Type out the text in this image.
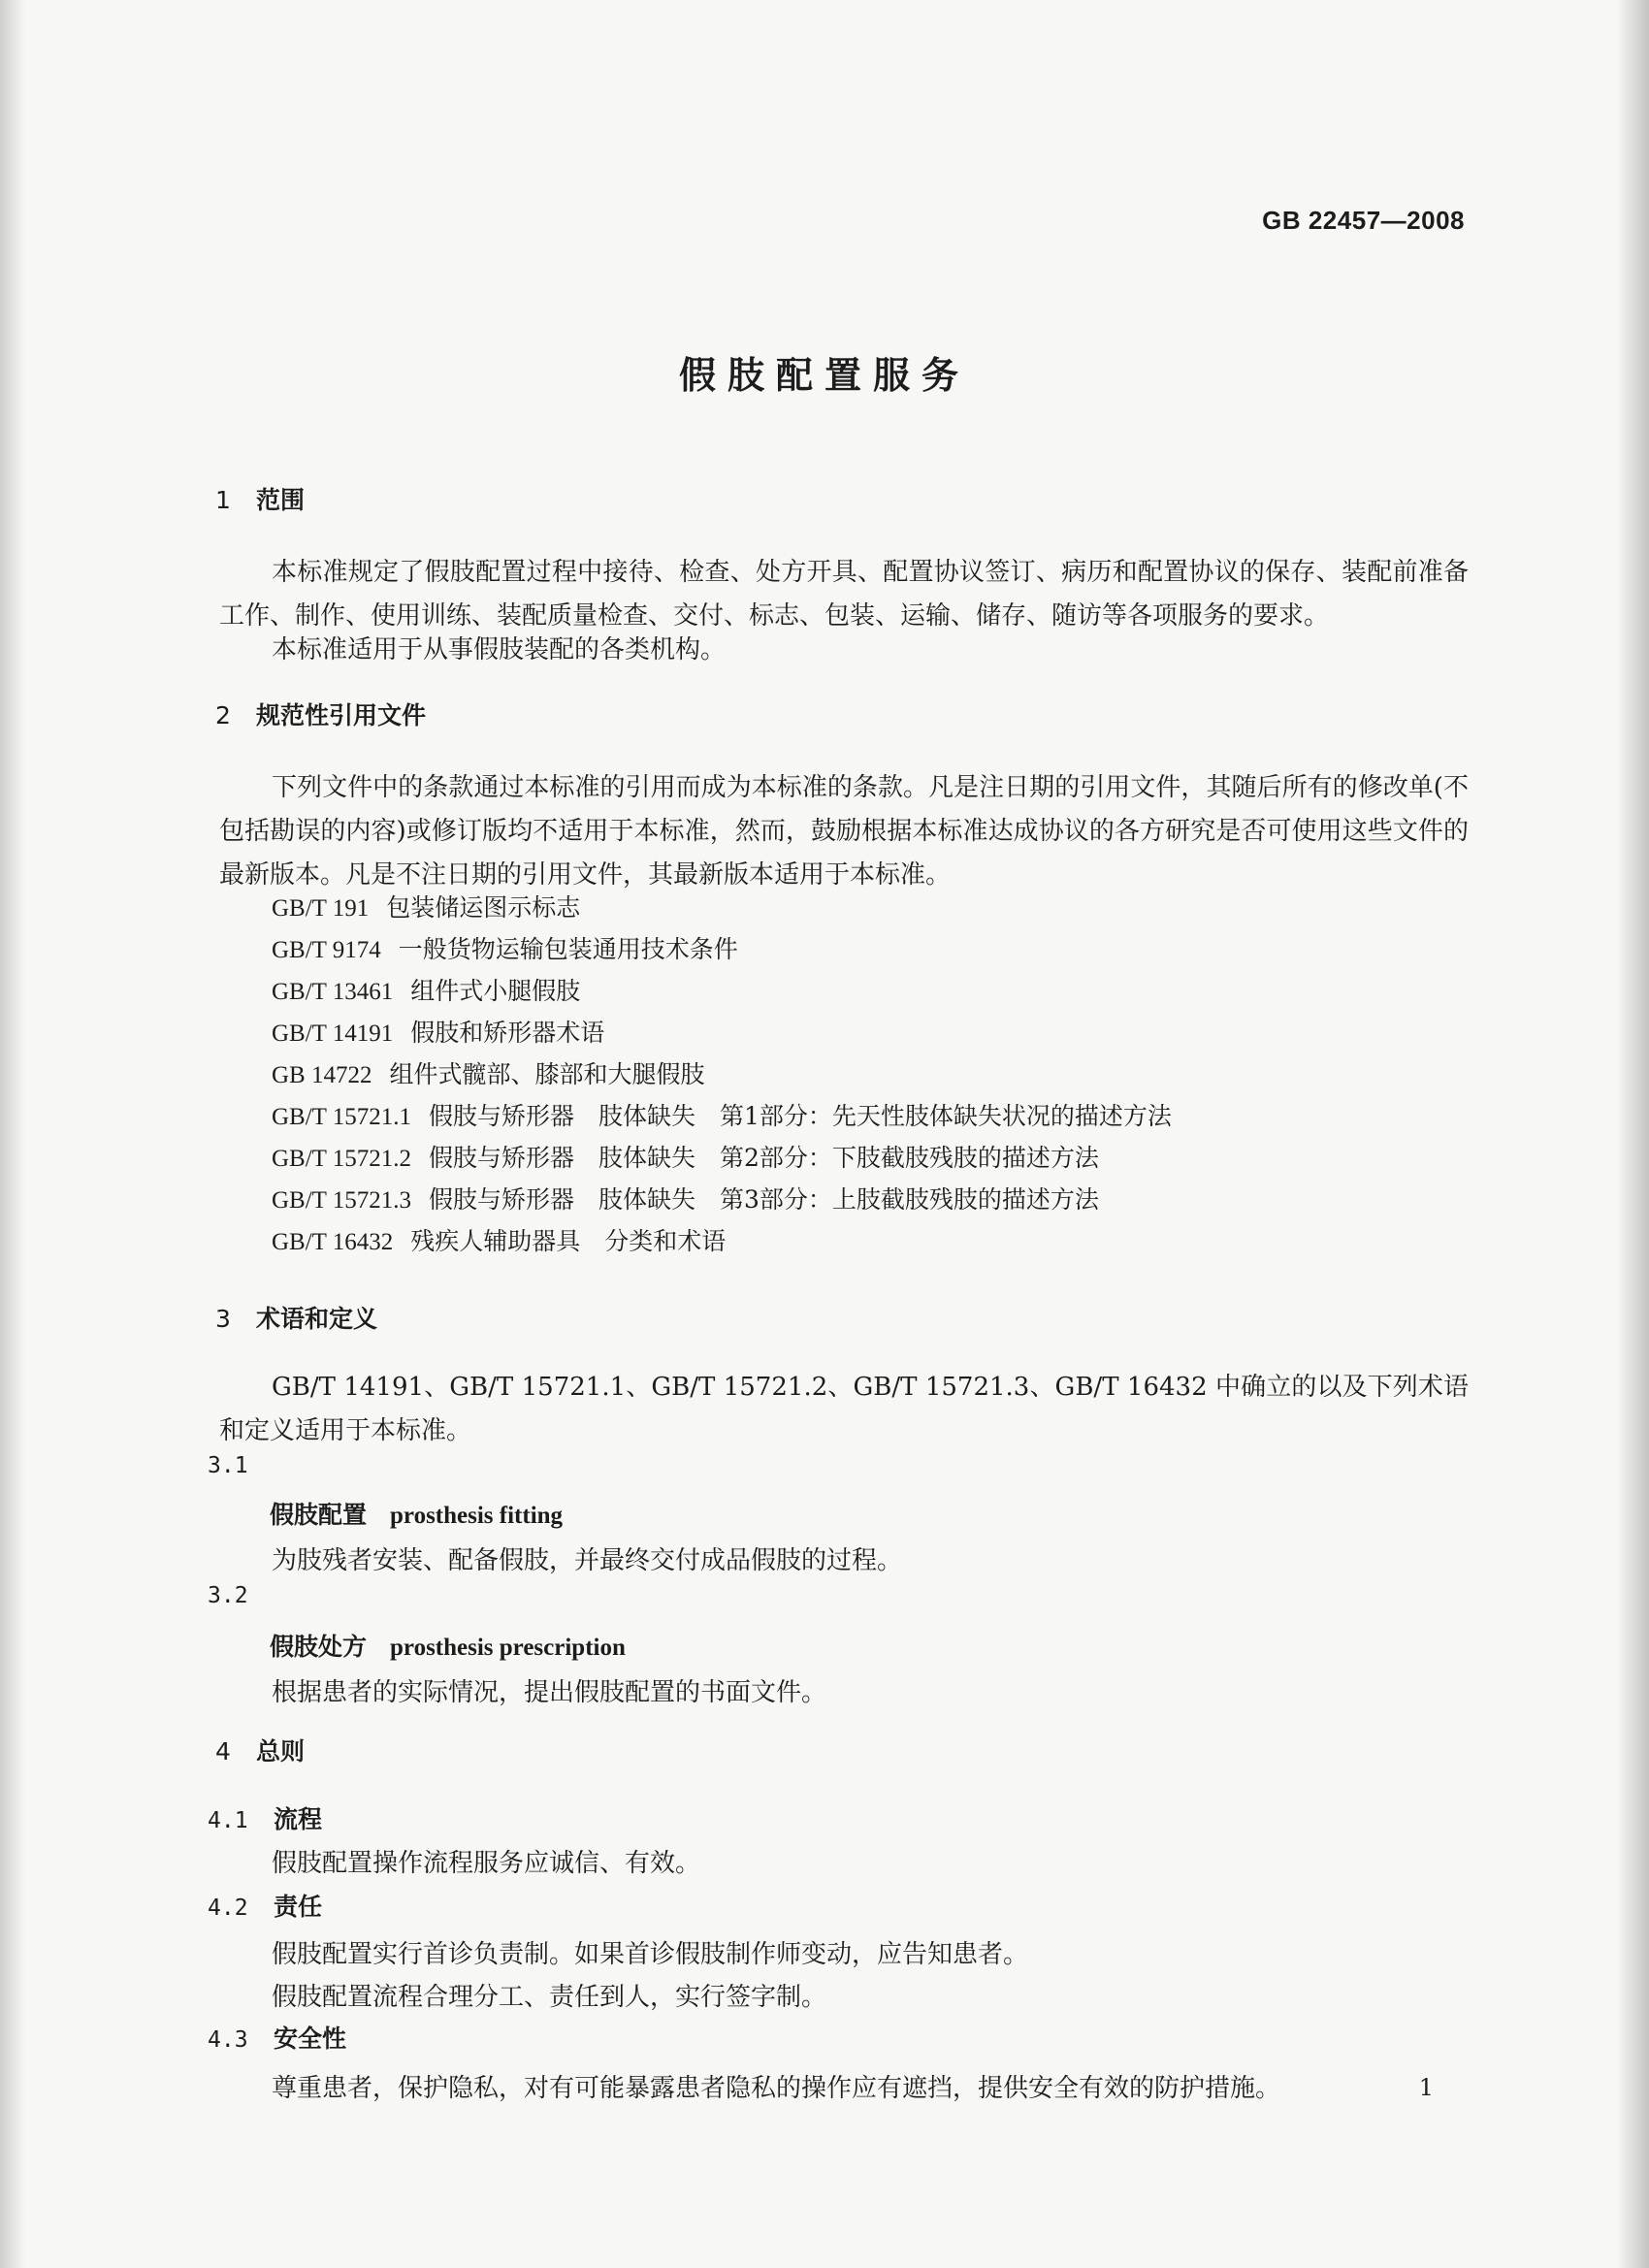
GB 22457—2008

假肢配置服务
1 范围

本标准规定了假肢配置过程中接待、检查、处方开具、配置协议签订、病历和配置协议的保存、装配前准备工作、制作、使用训练、装配质量检查、交付、标志、包装、运输、储存、随访等各项服务的要求。

本标准适用于从事假肢装配的各类机构。

2 规范性引用文件

下列文件中的条款通过本标准的引用而成为本标准的条款。凡是注日期的引用文件，其随后所有的修改单(不包括勘误的内容)或修订版均不适用于本标准，然而，鼓励根据本标准达成协议的各方研究是否可使用这些文件的最新版本。凡是不注日期的引用文件，其最新版本适用于本标准。

GB/T 191 包装储运图示标志
GB/T 9174 一般货物运输包装通用技术条件
GB/T 13461 组件式小腿假肢
GB/T 14191 假肢和矫形器术语
GB 14722 组件式髋部、膝部和大腿假肢
GB/T 15721.1 假肢与矫形器　肢体缺失　第1部分：先天性肢体缺失状况的描述方法
GB/T 15721.2 假肢与矫形器　肢体缺失　第2部分：下肢截肢残肢的描述方法
GB/T 15721.3 假肢与矫形器　肢体缺失　第3部分：上肢截肢残肢的描述方法
GB/T 16432 残疾人辅助器具　分类和术语
3 术语和定义

GB/T 14191、GB/T 15721.1、GB/T 15721.2、GB/T 15721.3、GB/T 16432 中确立的以及下列术语和定义适用于本标准。

3.1

假肢配置 prosthesis fitting

为肢残者安装、配备假肢，并最终交付成品假肢的过程。

3.2

假肢处方 prosthesis prescription

根据患者的实际情况，提出假肢配置的书面文件。

4 总则

4.1 流程

假肢配置操作流程服务应诚信、有效。

4.2 责任

假肢配置实行首诊负责制。如果首诊假肢制作师变动，应告知患者。

假肢配置流程合理分工、责任到人，实行签字制。

4.3 安全性

尊重患者，保护隐私，对有可能暴露患者隐私的操作应有遮挡，提供安全有效的防护措施。	1
